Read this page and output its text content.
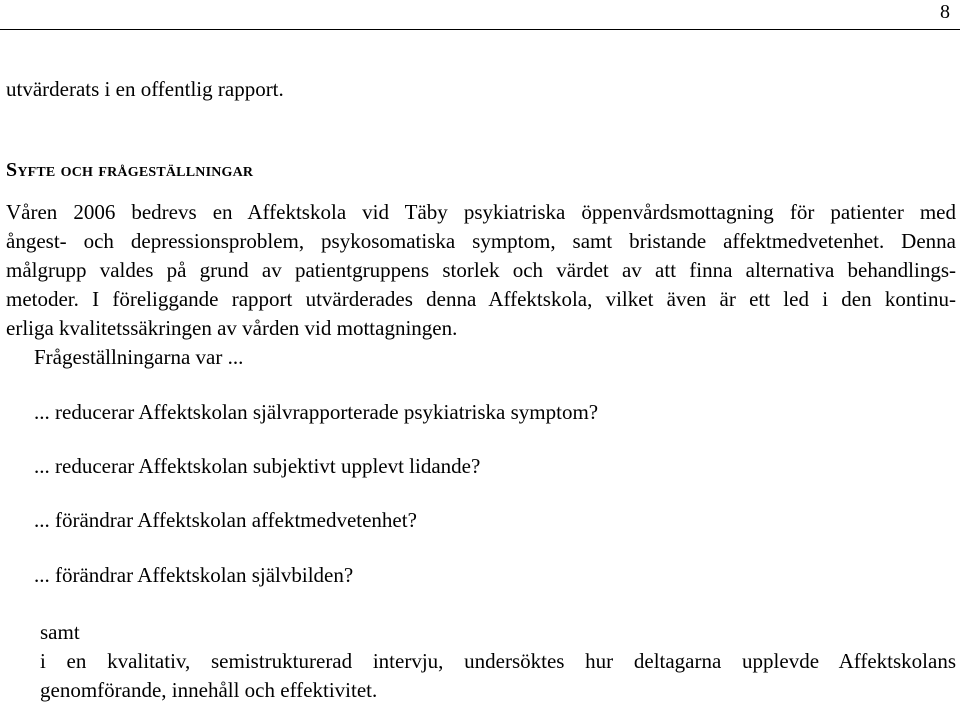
8
utvärderats i en offentlig rapport.
Syfte och frågeställningar
Våren 2006 bedrevs en Affektskola vid Täby psykiatriska öppenvårdsmottagning för patienter med
ångest- och depressionsproblem, psykosomatiska symptom, samt bristande affektmedvetenhet. Denna
målgrupp valdes på grund av patientgruppens storlek och värdet av att finna alternativa behandlings-
metoder. I föreliggande rapport utvärderades denna Affektskola, vilket även är ett led i den kontinu-
erliga kvalitetssäkringen av vården vid mottagningen.
Frågeställningarna var ...
... reducerar Affektskolan självrapporterade psykiatriska symptom?
... reducerar Affektskolan subjektivt upplevt lidande?
... förändrar Affektskolan affektmedvetenhet?
... förändrar Affektskolan självbilden?
samt
i en kvalitativ, semistrukturerad intervju, undersöktes hur deltagarna upplevde Affektskolans
genomförande, innehåll och effektivitet.
